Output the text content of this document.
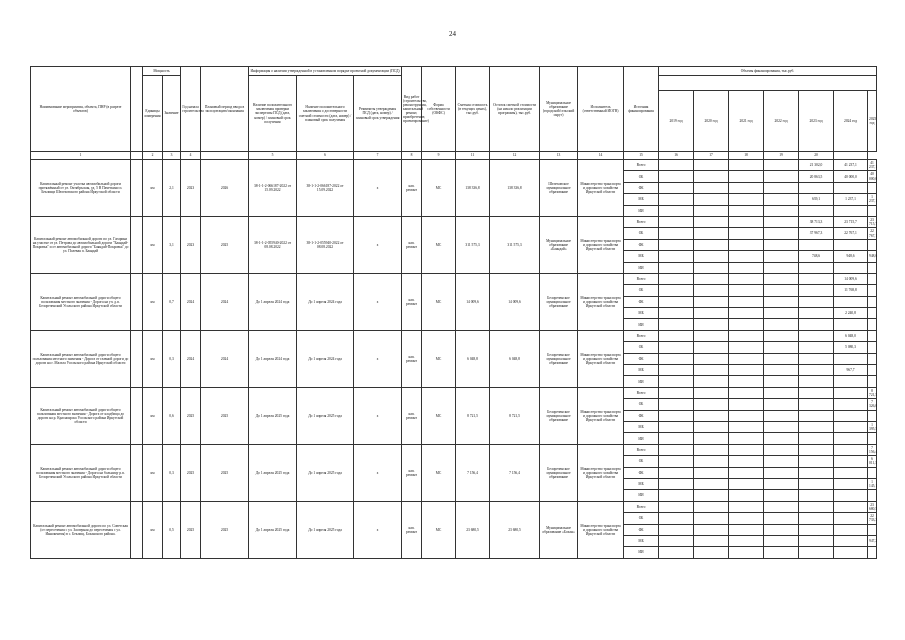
24
Наименование мероприятия, объекта, ПНР (в разрезе объектов)		Мощность		Год начала строительства	Плановый период ввода в эксплуатацию/окончания	Информация о наличии утвержденной в установленном порядке проектной документации (ПСД)			Вид работ (строительство, реконструкция, капитальный ремонт, приобретение, проектирование)	Форма собственности (ОКФС)	Сметная стоимость (в текущих ценах), тыс.руб.	Остаток сметной стоимости (на начало реализации программы), тыс.руб.	Муниципальное образование (городской/сельский округ)	Исполнитель (ответственный ИОГВ)	Источник финансирования	Объемы финансирования, тыс.руб.						
		Единицы измерения	Значение			Наличие положительного заключения проверки экспертизы ПСД (дата, номер) / плановый срок получения	Наличие положительного заключения о достоверности сметной стоимости (дата, номер) / плановый срок получения	Реквизиты утверждения ПСД (дата, номер) / плановый срок утверждения														
																2019 год	2020 год	2021 год	2022 год	2023 год	2024 год	2025 год
1		2	3	4		5	6	7	8	9	11	12	13	14	15	16	17	18	19	20		
Капитальный ремонт участка автомобильной дороги протяжённый от ул. Октябрьская, уд. 5 В Пачеткино п. Беклищи Шелеховского района Иркутской области		км	2,1	2023	2026	38-1-1-2-066187-2022 от 15.09.2022	38-1-1-2-066187-2022 от 15.09.2022	x	кап. ремонт	МС	138 336,8	138 336,8	Шелеховское муниципальное образование	Министерство транспорта и дорожного хозяйства Иркутской области	Всего					21 302,0	41 237,1	41 237,1
															ОБ					20 863,5	40 000,0	40 000,0
															ФБ							
															МБ					639,1	1 237,1	1 237,1
															ИИ							
Капитальный ремонт автомобильной дороги по ул. Гагарина на участке от ул. Петрова до автомобильной дороги "Баяндай-Покровка" и от автомобильной дороги "Баяндай-Покровка" до ул. Полевая п. Баяндай		км	3,1	2023	2025	38-1-1-2-055940-2022 от 08.08.2022	38-1-1-2-055940-2022 от 08.08.2022	x	кап. ремонт	МС	311 575,3	311 575,3	Муниципальное образование «Баяндай»	Министерство транспорта и дорожного хозяйства Иркутской области	Всего					38 713,3	23 715,7	23 715,7
															ОБ					37 967,3	22 767,1	22 767,1
															ФБ							
															МБ					748,6	948,6	948,6
															ИИ							
Капитальный ремонт автомобильной дороги общего пользования местного значения - Дорога на уч. д.п. Белореченский Усольского района Иркутской области		км	0,7	2024	2024	До 1 апреля 2024 года	До 1 апреля 2024 года	x	кап. ремонт	МС	14 009,6	14 009,6	Белореченское муниципальное образование	Министерство транспорта и дорожного хозяйства Иркутской области	Всего						14 009,6	
															ОБ						11 768,8	
															ФБ							
															МБ						2 240,8	
															ИИ							
Капитальный ремонт автомобильной дороги общего пользования местного значения - Дорога от главной дороги до дороги на г. Мальта Усольского района Иркутской области		км	0,3	2024	2024	До 1 апреля 2024 года	До 1 апреля 2024 года	x	кап. ремонт	МС	6 048,8	6 048,8	Белореченское муниципальное образование	Министерство транспорта и дорожного хозяйства Иркутской области	Всего						6 048,0	
															ОБ						5 080,3	
															ФБ							
															МБ						967,7	
															ИИ							
Капитальный ремонт автомобильной дороги общего пользования местного значения - Дорога от кладбища до дороги на р. Красноярска Усольского района Иркутской области		км	0,6	2025	2025	До 1 апреля 2025 года	До 1 апреля 2025 года	x	кап. ремонт	МС	8 721,5	8 721,5	Белореченское муниципальное образование	Министерство транспорта и дорожного хозяйства Иркутской области	Всего							8 721,5
															ОБ							7 326,0
															ФБ							
															МБ							1 395,5
															ИИ							
Капитальный ремонт автомобильной дороги общего пользования местного значения - Дорога на больницу р.п. Белореченский Усольского района Иркутской области		км	0,3	2025	2025	До 1 апреля 2025 года	До 1 апреля 2025 года	x	кап. ремонт	МС	7 156,4	7 156,4	Белореченское муниципальное образование	Министерство транспорта и дорожного хозяйства Иркутской области	Всего							7 156,4
															ОБ							6 011,3
															ФБ							
															МБ							1 145,1
															ИИ							
Капитальный ремонт автомобильной дороги по ул. Советская (от пересечения с ул. Заозерная до пересечения с ул. Иннокентия) в с. Беклищ, Боханского района.		км	0,5	2025	2025	До 1 апреля 2025 года	До 1 апреля 2025 года	x	кап. ремонт	МС	23 680,5	23 680,5	Муниципальное образование «Бохан»	Министерство транспорта и дорожного хозяйства Иркутской области	Всего							23 680,5
															ОБ							22 733,3
															ФБ							
															МБ							947,2
															ИИ							
